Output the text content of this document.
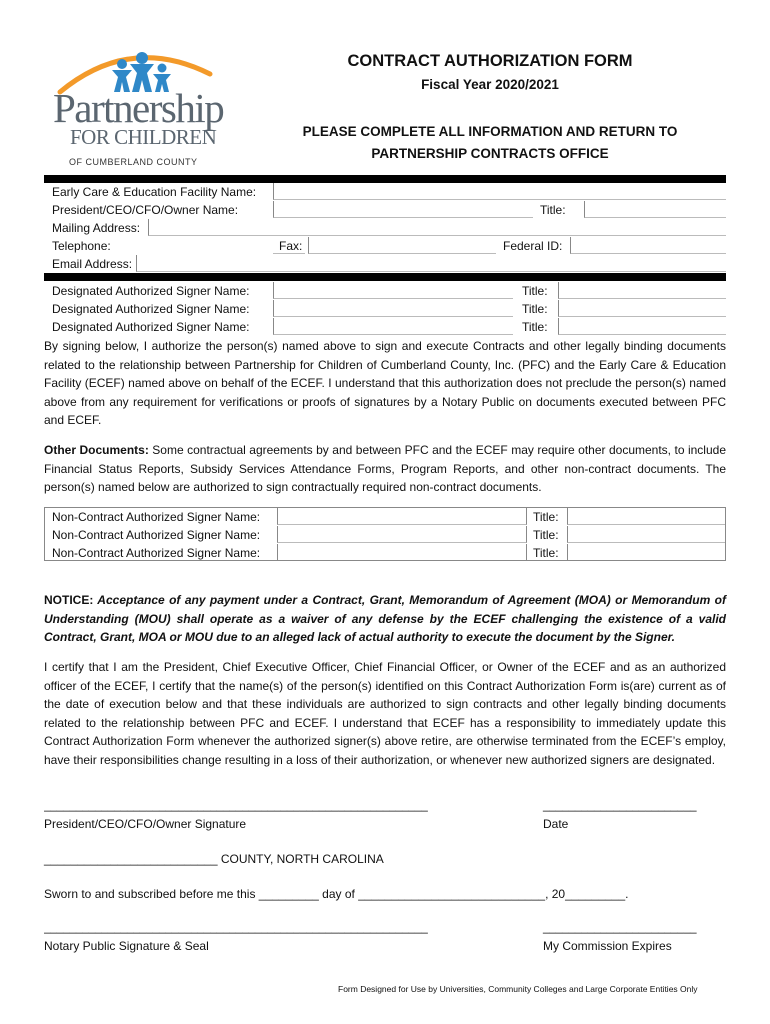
Partnership
FOR CHILDREN
OF CUMBERLAND COUNTY
CONTRACT AUTHORIZATION FORM
Fiscal Year 2020/2021
PLEASE COMPLETE ALL INFORMATION AND RETURN TO
PARTNERSHIP CONTRACTS OFFICE
Early Care & Education Facility Name:
President/CEO/CFO/Owner Name:	Title:
Mailing Address:
Telephone:	Fax:	Federal ID:
Email Address:
Designated Authorized Signer Name:	Title:
Designated Authorized Signer Name:	Title:
Designated Authorized Signer Name:	Title:
By signing below, I authorize the person(s) named above to sign and execute Contracts and other legally binding documents related to the relationship between Partnership for Children of Cumberland County, Inc. (PFC) and the Early Care & Education Facility (ECEF) named above on behalf of the ECEF. I understand that this authorization does not preclude the person(s) named above from any requirement for verifications or proofs of signatures by a Notary Public on documents executed between PFC and ECEF.
Other Documents: Some contractual agreements by and between PFC and the ECEF may require other documents, to include Financial Status Reports, Subsidy Services Attendance Forms, Program Reports, and other non-contract documents. The person(s) named below are authorized to sign contractually required non-contract documents.
Non-Contract Authorized Signer Name:	Title:
Non-Contract Authorized Signer Name:	Title:
Non-Contract Authorized Signer Name:	Title:
NOTICE: Acceptance of any payment under a Contract, Grant, Memorandum of Agreement (MOA) or Memorandum of Understanding (MOU) shall operate as a waiver of any defense by the ECEF challenging the existence of a valid Contract, Grant, MOA or MOU due to an alleged lack of actual authority to execute the document by the Signer.
I certify that I am the President, Chief Executive Officer, Chief Financial Officer, or Owner of the ECEF and as an authorized officer of the ECEF, I certify that the name(s) of the person(s) identified on this Contract Authorization Form is(are) current as of the date of execution below and that these individuals are authorized to sign contracts and other legally binding documents related to the relationship between PFC and ECEF. I understand that ECEF has a responsibility to immediately update this Contract Authorization Form whenever the authorized signer(s) above retire, are otherwise terminated from the ECEF’s employ, have their responsibilities change resulting in a loss of their authorization, or whenever new authorized signers are designated.
____________________________________________________________	________________________
President/CEO/CFO/Owner Signature	Date
__________________________ COUNTY, NORTH CAROLINA
Sworn to and subscribed before me this _________ day of ____________________________, 20_________.
____________________________________________________________	________________________
Notary Public Signature & Seal	My Commission Expires
Form Designed for Use by Universities, Community Colleges and Large Corporate Entities Only
